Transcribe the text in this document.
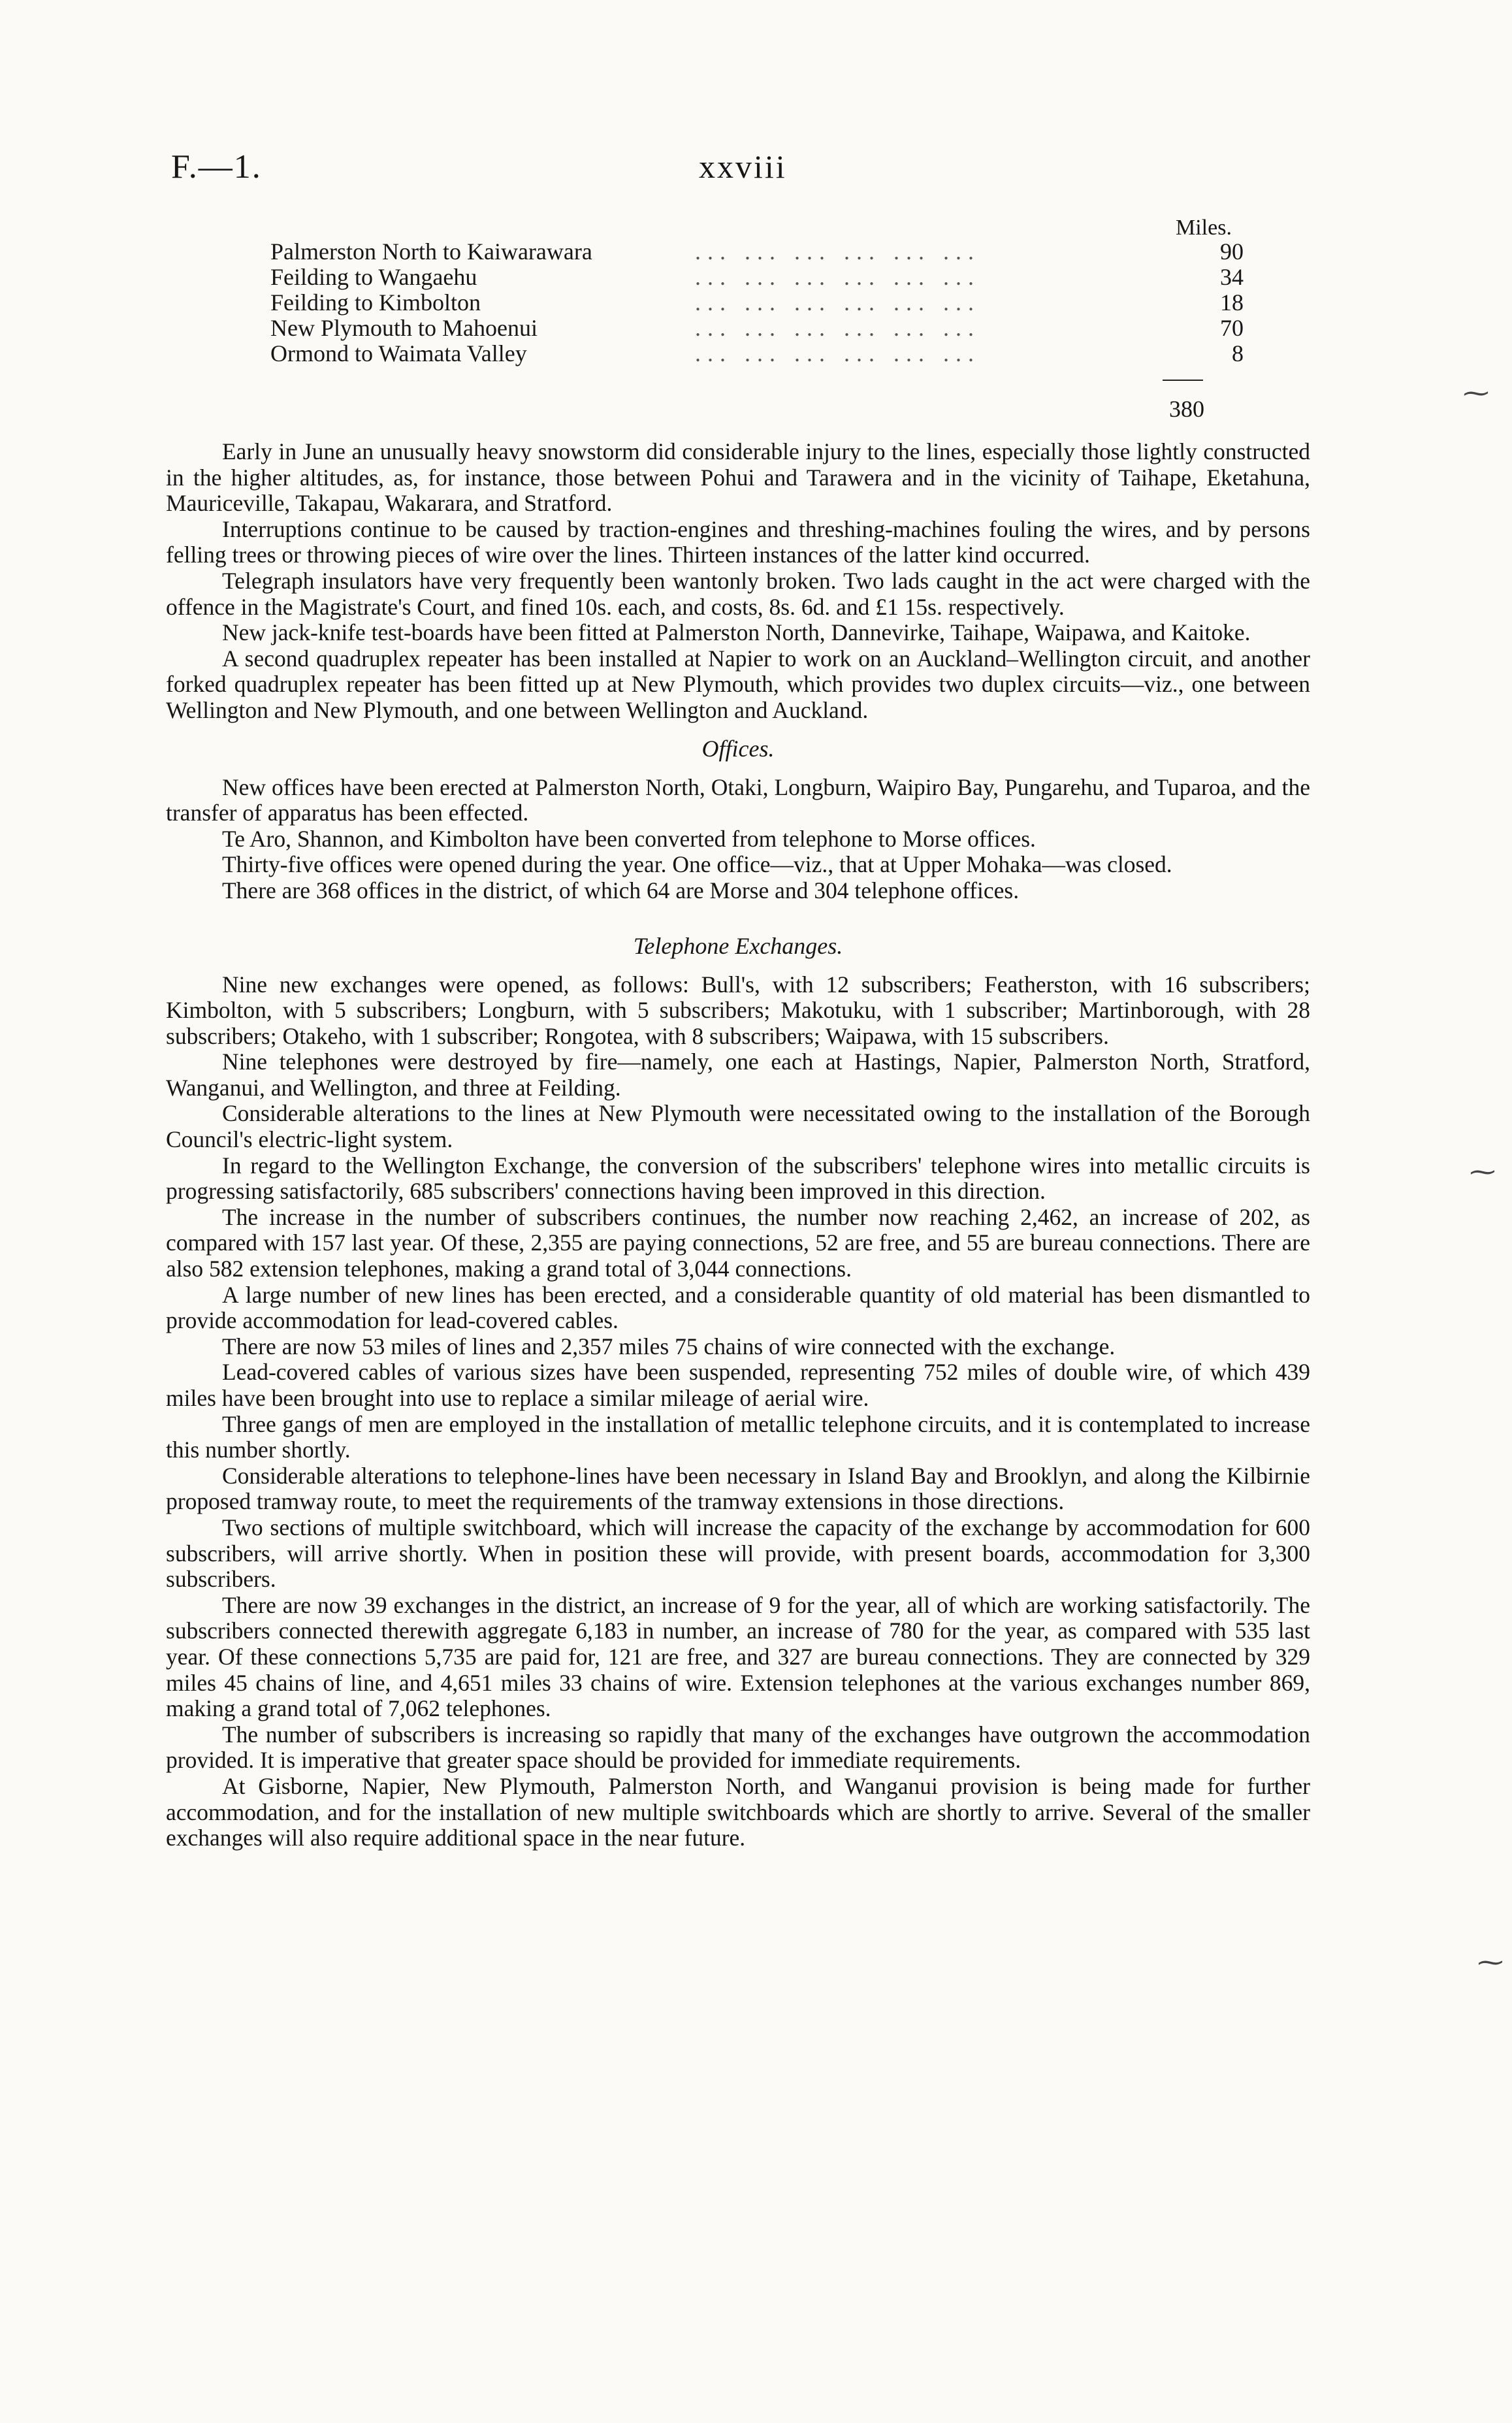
F.—1.	xxviii
Miles.
Palmerston North to Kaiwarawara	... ... ... ... ... ...	90
Feilding to Wangaehu	... ... ... ... ... ...	34
Feilding to Kimbolton	... ... ... ... ... ...	18
New Plymouth to Mahoenui	... ... ... ... ... ...	70
Ormond to Waimata Valley	... ... ... ... ... ...	8
380

Early in June an unusually heavy snowstorm did considerable injury to the lines, especially those lightly constructed in the higher altitudes, as, for instance, those between Pohui and Tarawera and in the vicinity of Taihape, Eketahuna, Mauriceville, Takapau, Wakarara, and Stratford.

Interruptions continue to be caused by traction-engines and threshing-machines fouling the wires, and by persons felling trees or throwing pieces of wire over the lines. Thirteen instances of the latter kind occurred.

Telegraph insulators have very frequently been wantonly broken. Two lads caught in the act were charged with the offence in the Magistrate's Court, and fined 10s. each, and costs, 8s. 6d. and £1 15s. respectively.

New jack-knife test-boards have been fitted at Palmerston North, Dannevirke, Taihape, Waipawa, and Kaitoke.

A second quadruplex repeater has been installed at Napier to work on an Auckland–Wellington circuit, and another forked quadruplex repeater has been fitted up at New Plymouth, which provides two duplex circuits—viz., one between Wellington and New Plymouth, and one between Wellington and Auckland.

Offices.

New offices have been erected at Palmerston North, Otaki, Longburn, Waipiro Bay, Pungarehu, and Tuparoa, and the transfer of apparatus has been effected.

Te Aro, Shannon, and Kimbolton have been converted from telephone to Morse offices.

Thirty-five offices were opened during the year. One office—viz., that at Upper Mohaka—was closed.

There are 368 offices in the district, of which 64 are Morse and 304 telephone offices.

Telephone Exchanges.

Nine new exchanges were opened, as follows: Bull's, with 12 subscribers; Featherston, with 16 subscribers; Kimbolton, with 5 subscribers; Longburn, with 5 subscribers; Makotuku, with 1 subscriber; Martinborough, with 28 subscribers; Otakeho, with 1 subscriber; Rongotea, with 8 subscribers; Waipawa, with 15 subscribers.

Nine telephones were destroyed by fire—namely, one each at Hastings, Napier, Palmerston North, Stratford, Wanganui, and Wellington, and three at Feilding.

Considerable alterations to the lines at New Plymouth were necessitated owing to the installation of the Borough Council's electric-light system.

In regard to the Wellington Exchange, the conversion of the subscribers' telephone wires into metallic circuits is progressing satisfactorily, 685 subscribers' connections having been improved in this direction.

The increase in the number of subscribers continues, the number now reaching 2,462, an increase of 202, as compared with 157 last year. Of these, 2,355 are paying connections, 52 are free, and 55 are bureau connections. There are also 582 extension telephones, making a grand total of 3,044 connections.

A large number of new lines has been erected, and a considerable quantity of old material has been dismantled to provide accommodation for lead-covered cables.

There are now 53 miles of lines and 2,357 miles 75 chains of wire connected with the exchange.

Lead-covered cables of various sizes have been suspended, representing 752 miles of double wire, of which 439 miles have been brought into use to replace a similar mileage of aerial wire.

Three gangs of men are employed in the installation of metallic telephone circuits, and it is contemplated to increase this number shortly.

Considerable alterations to telephone-lines have been necessary in Island Bay and Brooklyn, and along the Kilbirnie proposed tramway route, to meet the requirements of the tramway extensions in those directions.

Two sections of multiple switchboard, which will increase the capacity of the exchange by accommodation for 600 subscribers, will arrive shortly. When in position these will provide, with present boards, accommodation for 3,300 subscribers.

There are now 39 exchanges in the district, an increase of 9 for the year, all of which are working satisfactorily. The subscribers connected therewith aggregate 6,183 in number, an increase of 780 for the year, as compared with 535 last year. Of these connections 5,735 are paid for, 121 are free, and 327 are bureau connections. They are connected by 329 miles 45 chains of line, and 4,651 miles 33 chains of wire. Extension telephones at the various exchanges number 869, making a grand total of 7,062 telephones.

The number of subscribers is increasing so rapidly that many of the exchanges have outgrown the accommodation provided. It is imperative that greater space should be provided for immediate requirements.

At Gisborne, Napier, New Plymouth, Palmerston North, and Wanganui provision is being made for further accommodation, and for the installation of new multiple switchboards which are shortly to arrive. Several of the smaller exchanges will also require additional space in the near future.

⁓
⁓
⁓
